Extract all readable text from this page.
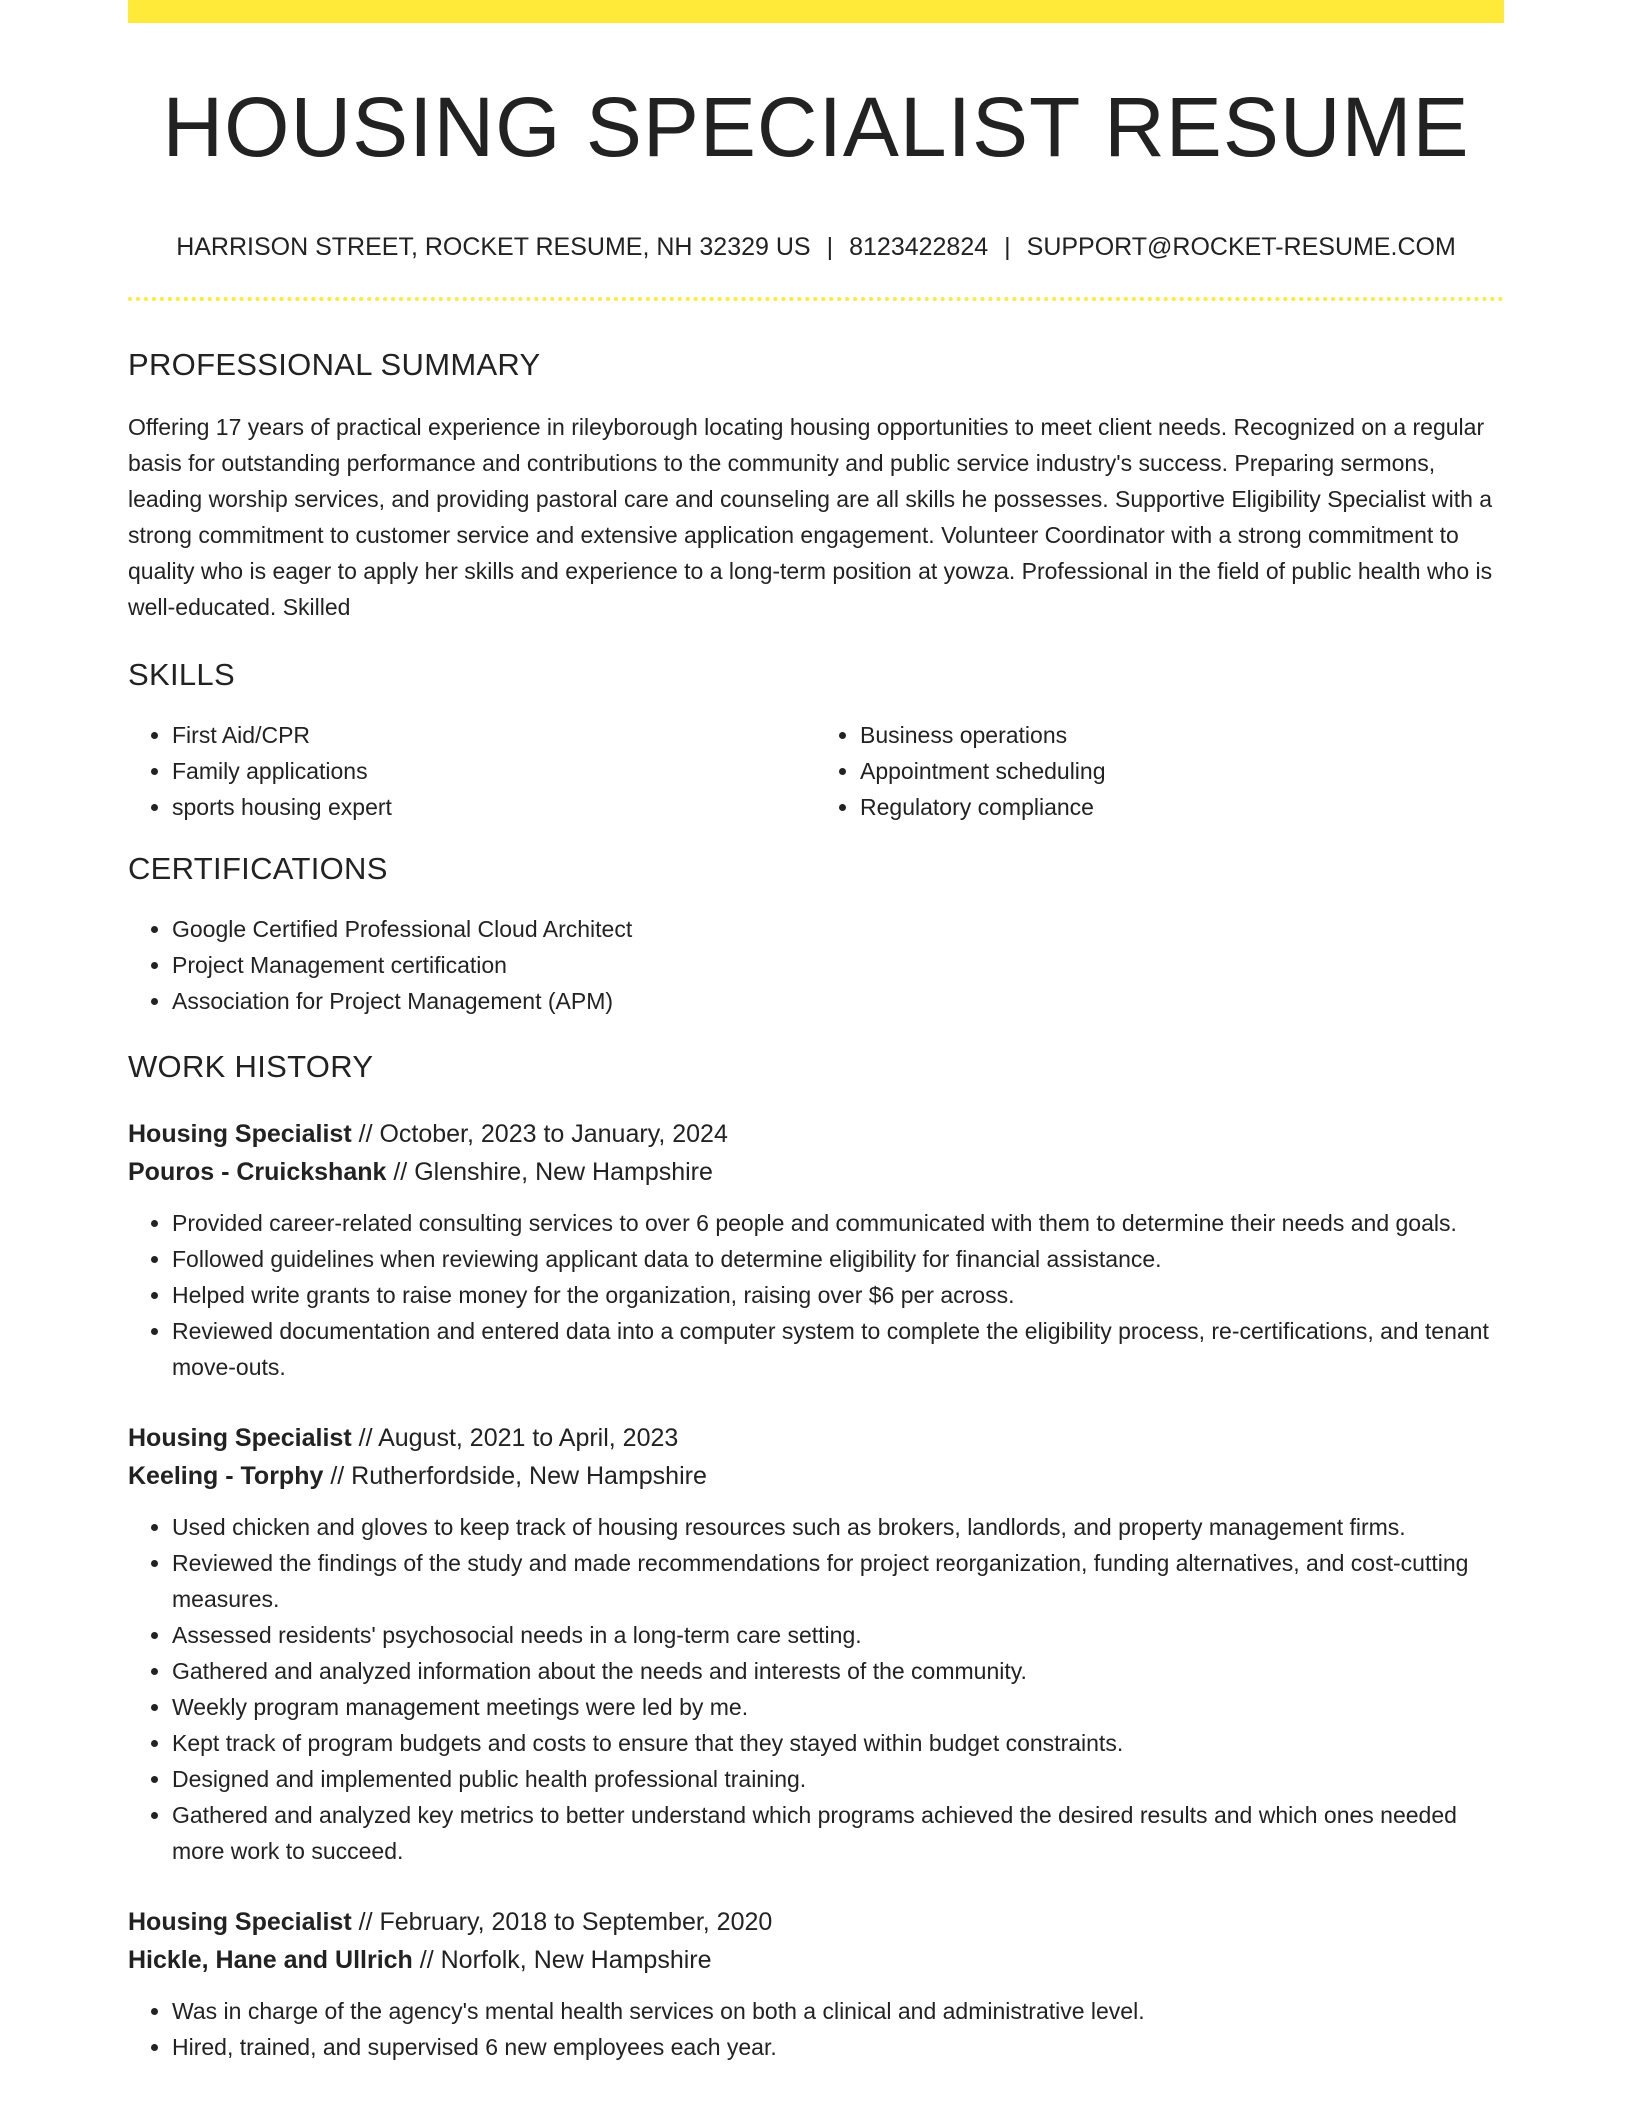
HOUSING SPECIALIST RESUME
HARRISON STREET, ROCKET RESUME, NH 32329 US | 8123422824 | SUPPORT@ROCKET-RESUME.COM
PROFESSIONAL SUMMARY
Offering 17 years of practical experience in rileyborough locating housing opportunities to meet client needs. Recognized on a regular basis for outstanding performance and contributions to the community and public service industry's success. Preparing sermons, leading worship services, and providing pastoral care and counseling are all skills he possesses. Supportive Eligibility Specialist with a strong commitment to customer service and extensive application engagement. Volunteer Coordinator with a strong commitment to quality who is eager to apply her skills and experience to a long-term position at yowza. Professional in the field of public health who is well-educated. Skilled
SKILLS
• First Aid/CPR
• Family applications
• sports housing expert
• Business operations
• Appointment scheduling
• Regulatory compliance
CERTIFICATIONS
• Google Certified Professional Cloud Architect
• Project Management certification
• Association for Project Management (APM)
WORK HISTORY
Housing Specialist // October, 2023 to January, 2024
Pouros - Cruickshank // Glenshire, New Hampshire
• Provided career-related consulting services to over 6 people and communicated with them to determine their needs and goals.
• Followed guidelines when reviewing applicant data to determine eligibility for financial assistance.
• Helped write grants to raise money for the organization, raising over $6 per across.
• Reviewed documentation and entered data into a computer system to complete the eligibility process, re-certifications, and tenant move-outs.
Housing Specialist // August, 2021 to April, 2023
Keeling - Torphy // Rutherfordside, New Hampshire
• Used chicken and gloves to keep track of housing resources such as brokers, landlords, and property management firms.
• Reviewed the findings of the study and made recommendations for project reorganization, funding alternatives, and cost-cutting measures.
• Assessed residents' psychosocial needs in a long-term care setting.
• Gathered and analyzed information about the needs and interests of the community.
• Weekly program management meetings were led by me.
• Kept track of program budgets and costs to ensure that they stayed within budget constraints.
• Designed and implemented public health professional training.
• Gathered and analyzed key metrics to better understand which programs achieved the desired results and which ones needed more work to succeed.
Housing Specialist // February, 2018 to September, 2020
Hickle, Hane and Ullrich // Norfolk, New Hampshire
• Was in charge of the agency's mental health services on both a clinical and administrative level.
• Hired, trained, and supervised 6 new employees each year.
